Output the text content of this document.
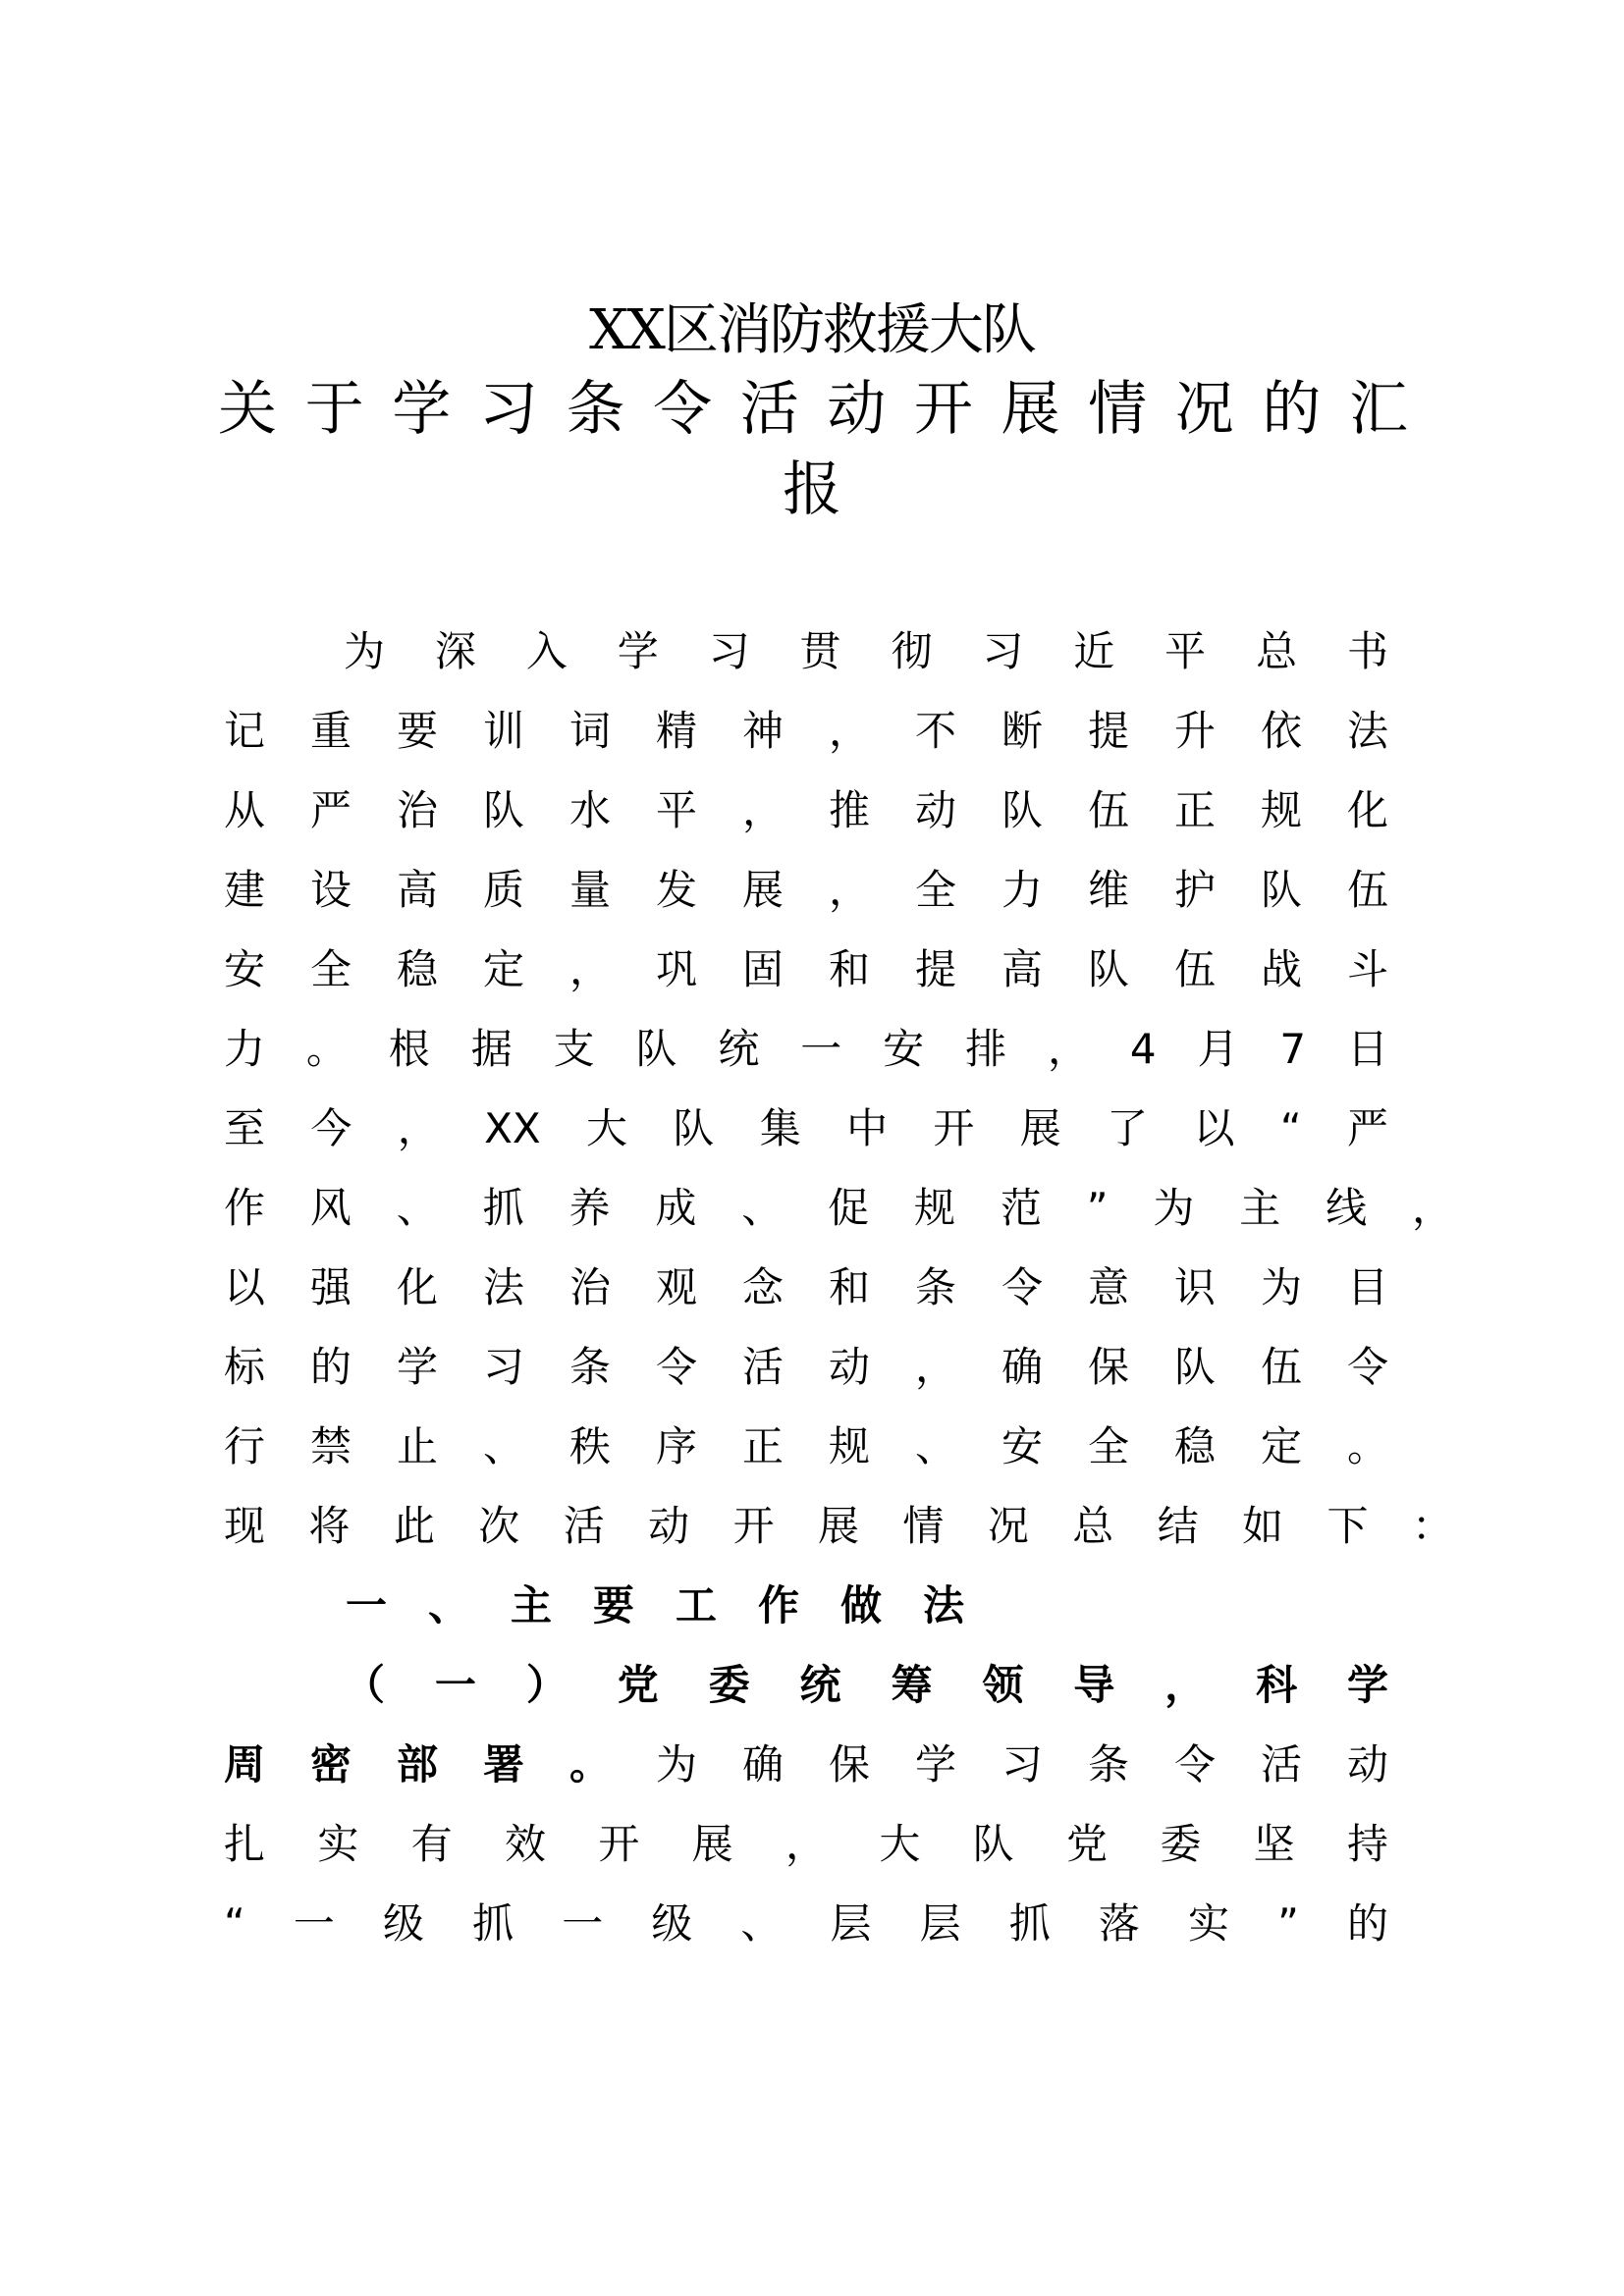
XX区消防救援大队
关于学习条令活动开展情况的汇
报
为深入学习贯彻习近平总书
记重要训词精神，不断提升依法
从严治队水平，推动队伍正规化
建设高质量发展，全力维护队伍
安全稳定，巩固和提高队伍战斗
力。根据支队统一安排，4月7日
至今，XX大队集中开展了以“严
作风、抓养成、促规范”为主线，
以强化法治观念和条令意识为目
标的学习条令活动，确保队伍令
行禁止、秩序正规、安全稳定。
现将此次活动开展情况总结如下：
一、主要工作做法
（一）党委统筹领导，科学
周密部署。为确保学习条令活动
扎实有效开展，大队党委坚持
“一级抓一级、层层抓落实”的
